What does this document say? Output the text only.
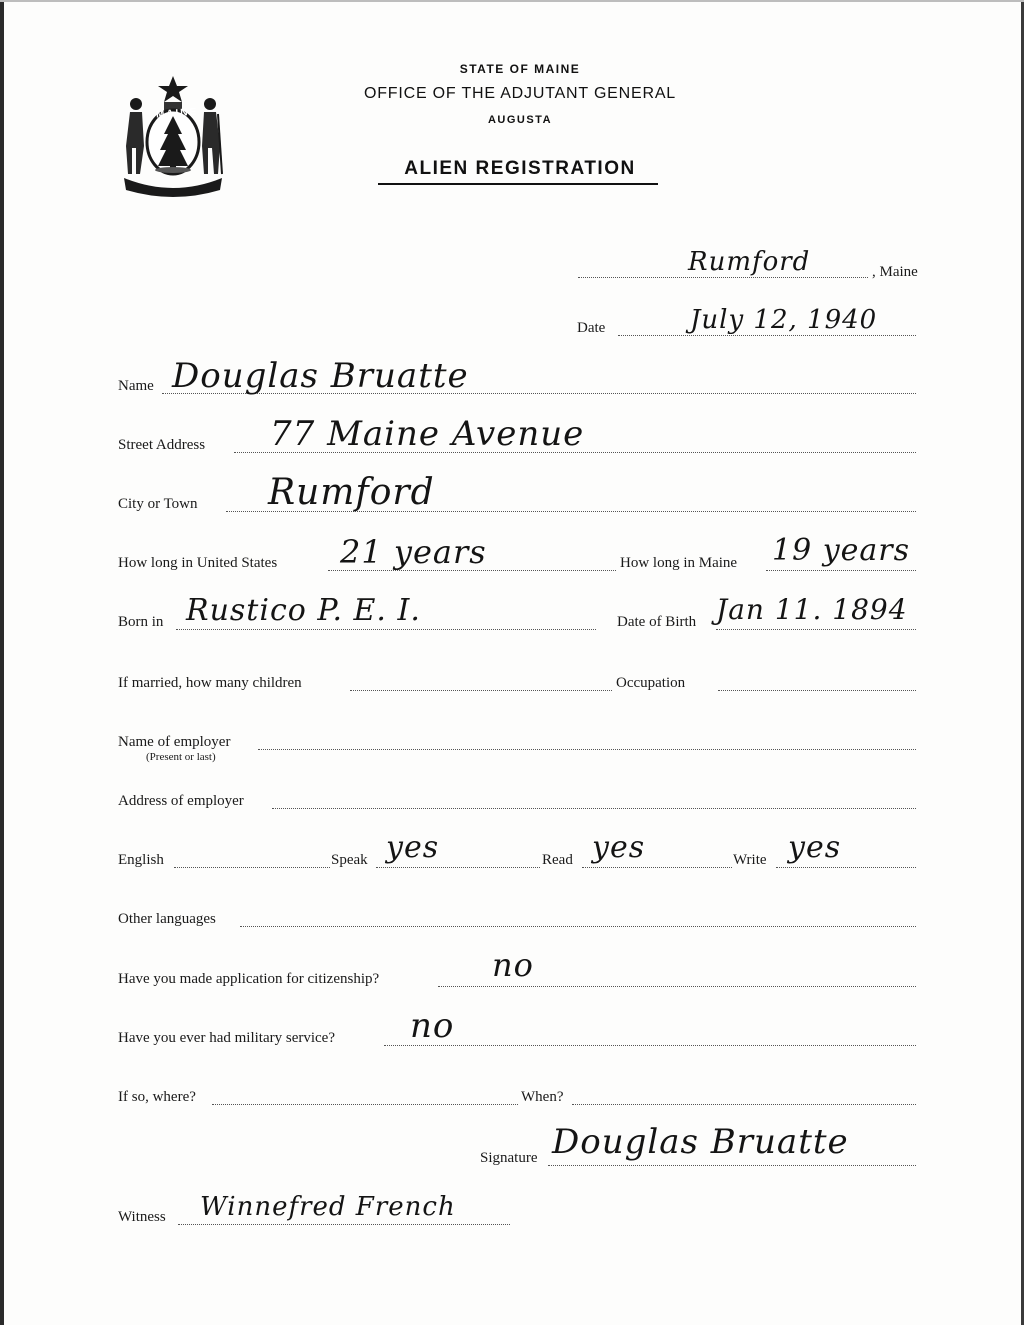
MAINE
STATE OF MAINE
OFFICE OF THE ADJUTANT GENERAL
AUGUSTA
ALIEN REGISTRATION
Rumford	, Maine
Date	July 12, 1940
Name Douglas Bruatte
Street Address 77 Maine Avenue
City or Town Rumford
How long in United States 21 years	How long in Maine 19 years
Born in Rustico P. E. I.	Date of Birth Jan 11. 1894
If married, how many children	Occupation
Name of employer
(Present or last)
Address of employer
English	Speak yes	Read yes	Write yes
Other languages
Have you made application for citizenship?	no
Have you ever had military service? no
If so, where?	When?
Signature Douglas Bruatte
Witness Winnefred French
